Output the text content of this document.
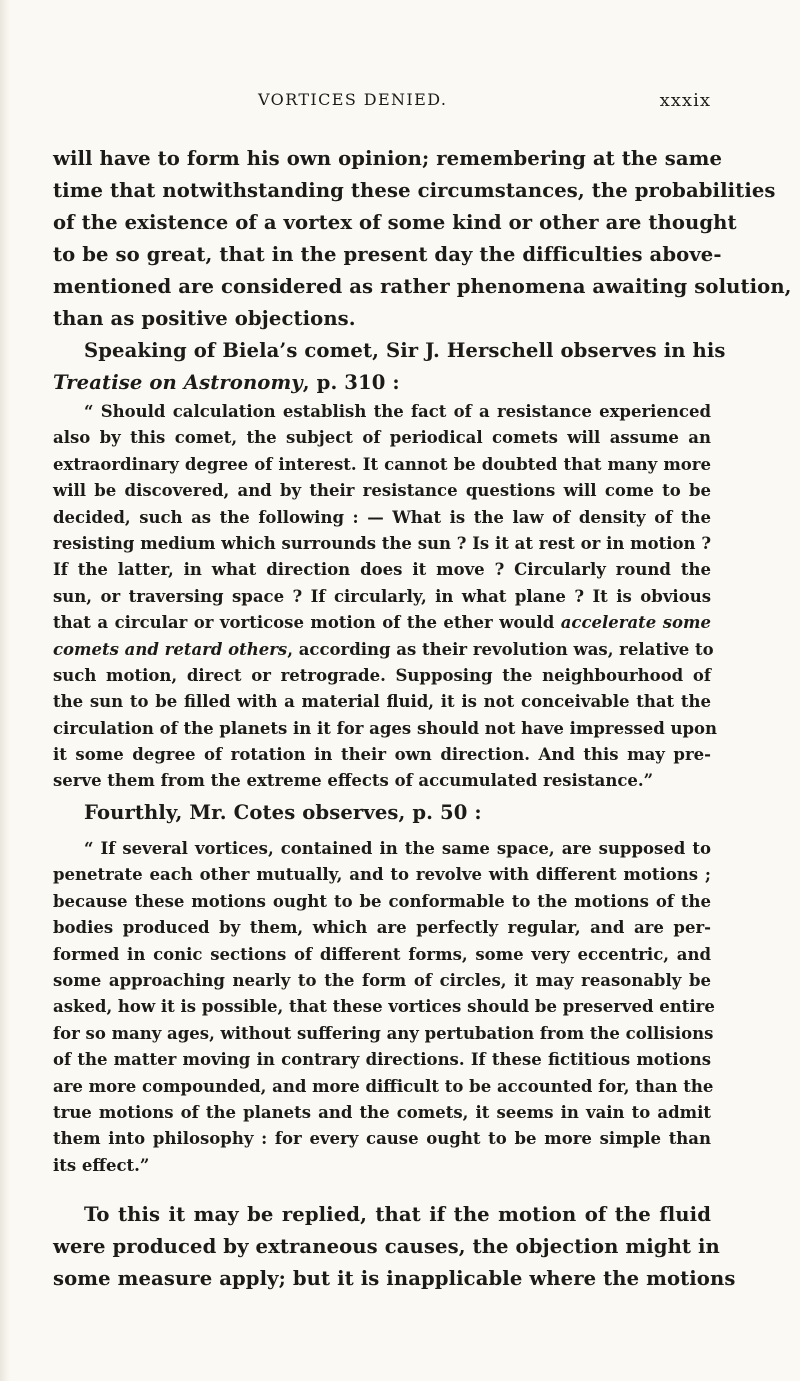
VORTICES DENIED.	xxxix
will have to form his own opinion; remembering at the same
time that notwithstanding these circumstances, the probabilities
of the existence of a vortex of some kind or other are thought
to be so great, that in the present day the difficulties above-
mentioned are considered as rather phenomena awaiting solution,
than as positive objections.
Speaking of Biela’s comet, Sir J. Herschell observes in his
Treatise on Astronomy, p. 310 :
“ Should calculation establish the fact of a resistance experienced
also by this comet, the subject of periodical comets will assume an
extraordinary degree of interest. It cannot be doubted that many more
will be discovered, and by their resistance questions will come to be
decided, such as the following : — What is the law of density of the
resisting medium which surrounds the sun ? Is it at rest or in motion ?
If the latter, in what direction does it move ? Circularly round the
sun, or traversing space ? If circularly, in what plane ? It is obvious
that a circular or vorticose motion of the ether would accelerate some
comets and retard others, according as their revolution was, relative to
such motion, direct or retrograde. Supposing the neighbourhood of
the sun to be filled with a material fluid, it is not conceivable that the
circulation of the planets in it for ages should not have impressed upon
it some degree of rotation in their own direction. And this may pre-
serve them from the extreme effects of accumulated resistance.”
Fourthly, Mr. Cotes observes, p. 50 :
“ If several vortices, contained in the same space, are supposed to
penetrate each other mutually, and to revolve with different motions ;
because these motions ought to be conformable to the motions of the
bodies produced by them, which are perfectly regular, and are per-
formed in conic sections of different forms, some very eccentric, and
some approaching nearly to the form of circles, it may reasonably be
asked, how it is possible, that these vortices should be preserved entire
for so many ages, without suffering any pertubation from the collisions
of the matter moving in contrary directions. If these fictitious motions
are more compounded, and more difficult to be accounted for, than the
true motions of the planets and the comets, it seems in vain to admit
them into philosophy : for every cause ought to be more simple than
its effect.”
To this it may be replied, that if the motion of the fluid
were produced by extraneous causes, the objection might in
some measure apply; but it is inapplicable where the motions
